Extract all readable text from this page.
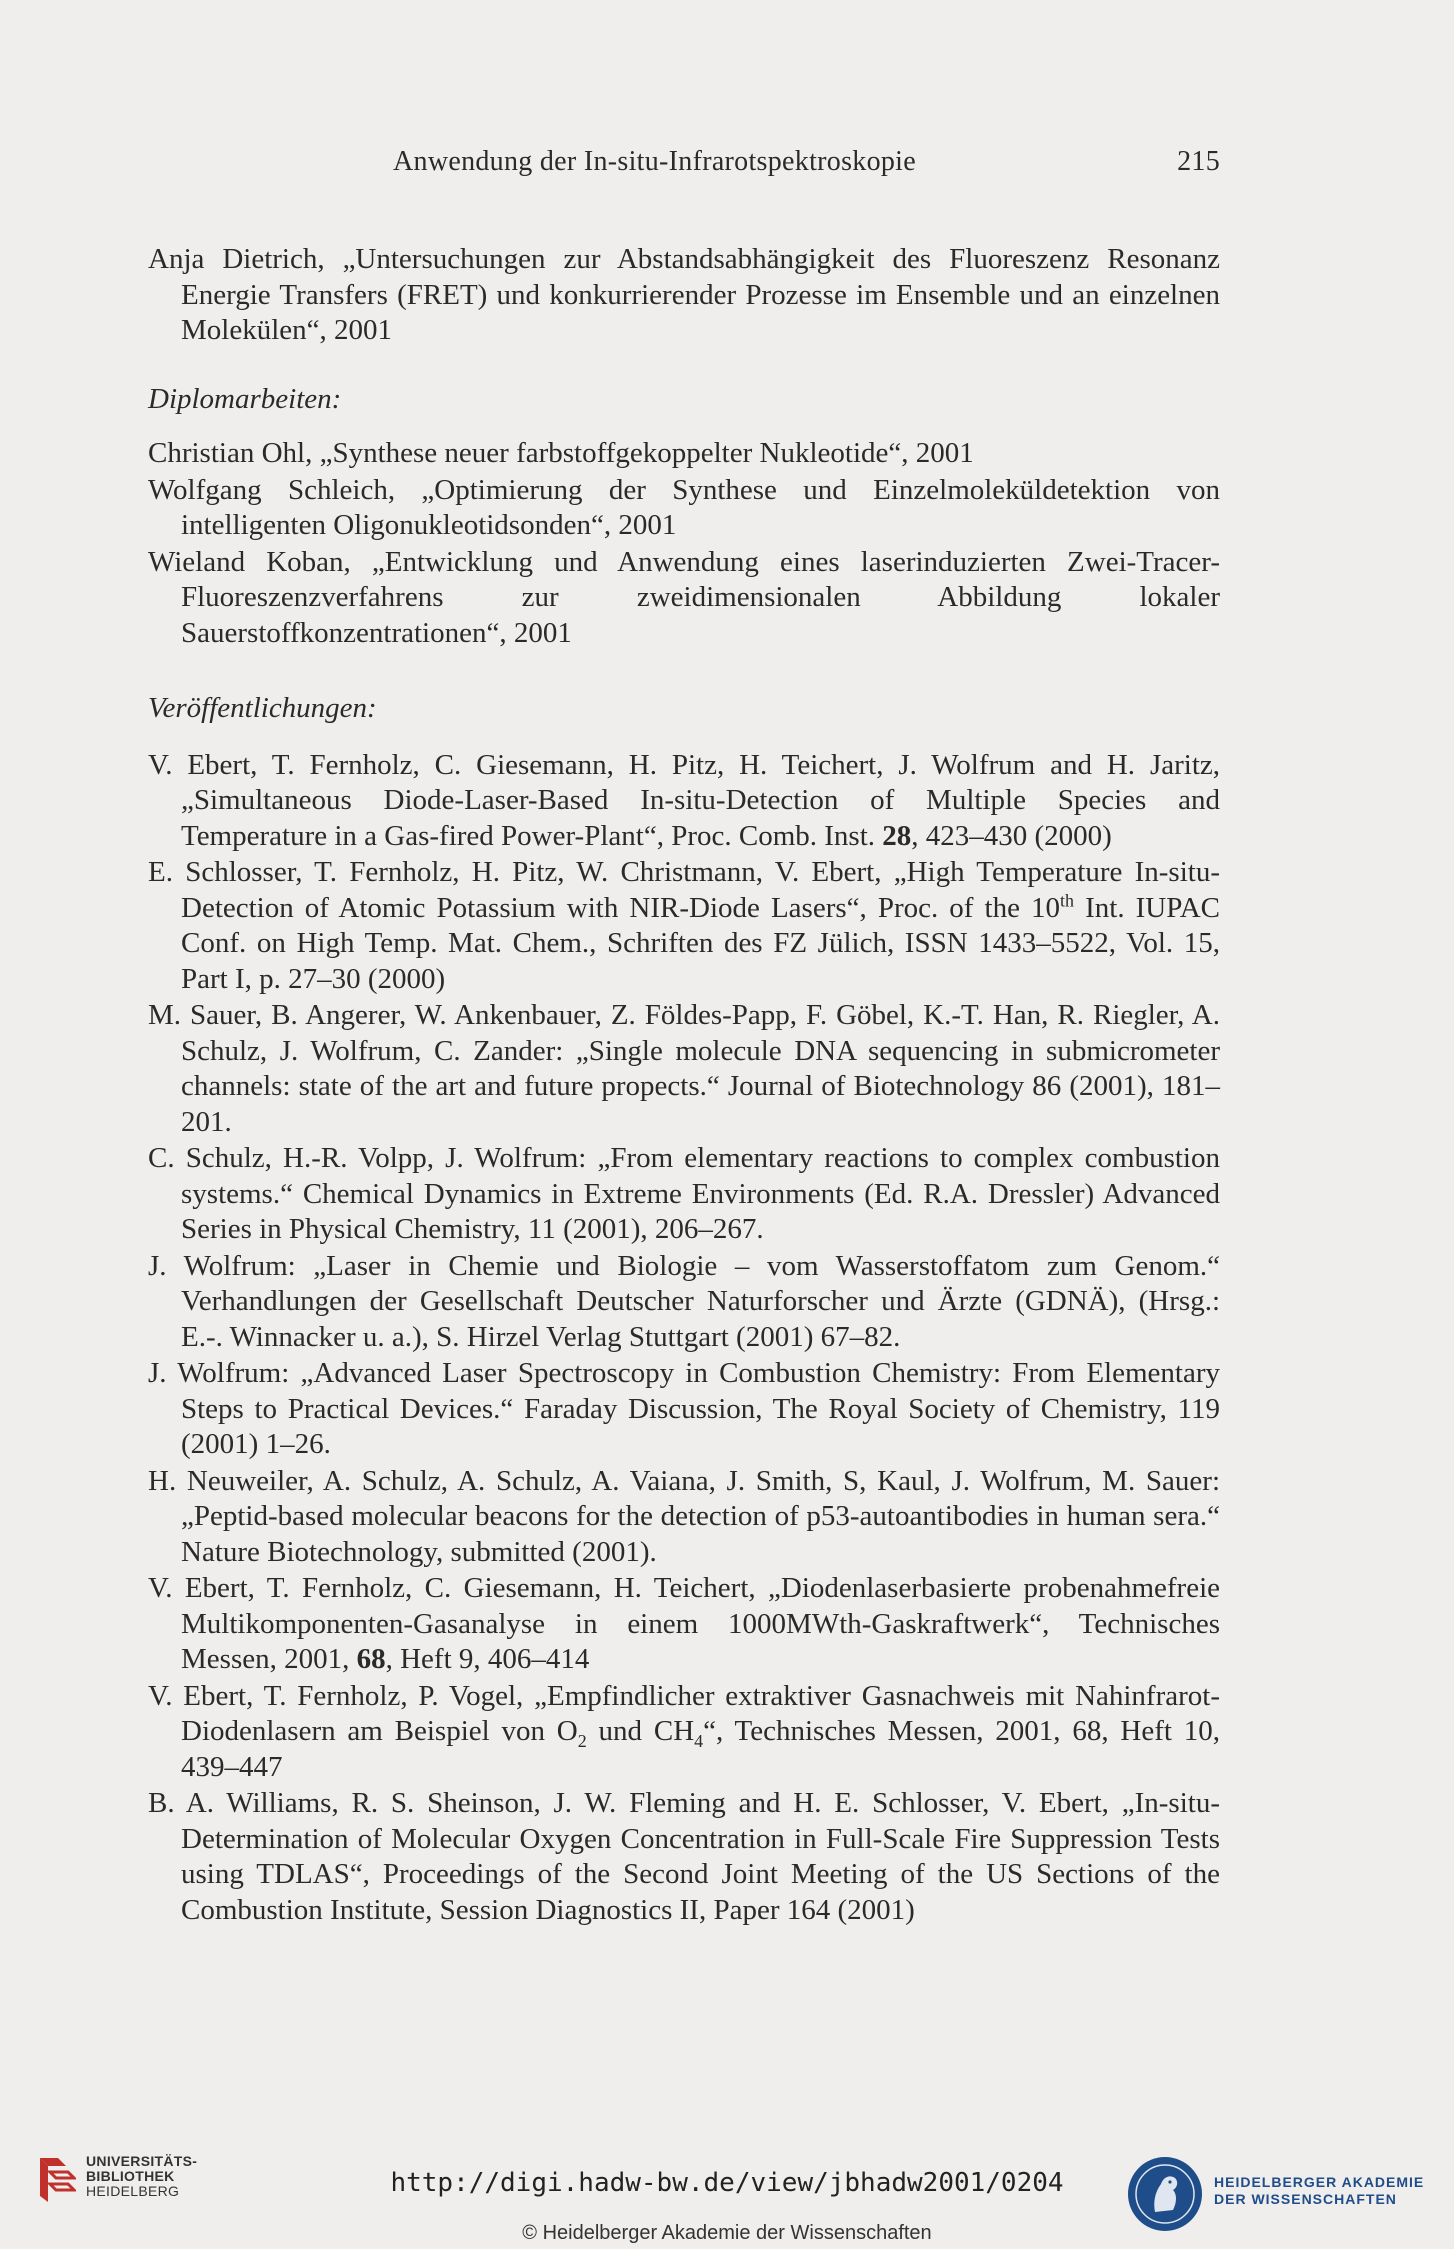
Anwendung der In-situ-Infrarotspektroskopie	215

Anja Dietrich, „Untersuchungen zur Abstandsabhängigkeit des Fluoreszenz Resonanz Energie Transfers (FRET) und konkurrierender Prozesse im Ensemble und an einzelnen Molekülen“, 2001

Diplomarbeiten:

Christian Ohl, „Synthese neuer farbstoffgekoppelter Nukleotide“, 2001

Wolfgang Schleich, „Optimierung der Synthese und Einzelmoleküldetektion von intelligenten Oligonukleotidsonden“, 2001

Wieland Koban, „Entwicklung und Anwendung eines laserinduzierten Zwei-Tracer-Fluoreszenzverfahrens zur zweidimensionalen Abbildung lokaler Sauerstoffkonzentrationen“, 2001

Veröffentlichungen:

V. Ebert, T. Fernholz, C. Giesemann, H. Pitz, H. Teichert, J. Wolfrum and H. Jaritz, „Simultaneous Diode-Laser-Based In-situ-Detection of Multiple Species and Temperature in a Gas-fired Power-Plant“, Proc. Comb. Inst. 28, 423–430 (2000)

E. Schlosser, T. Fernholz, H. Pitz, W. Christmann, V. Ebert, „High Temperature In-situ-Detection of Atomic Potassium with NIR-Diode Lasers“, Proc. of the 10th Int. IUPAC Conf. on High Temp. Mat. Chem., Schriften des FZ Jülich, ISSN 1433–5522, Vol. 15, Part I, p. 27–30 (2000)

M. Sauer, B. Angerer, W. Ankenbauer, Z. Földes-Papp, F. Göbel, K.-T. Han, R. Riegler, A. Schulz, J. Wolfrum, C. Zander: „Single molecule DNA sequencing in submicrometer channels: state of the art and future propects.“ Journal of Biotechnology 86 (2001), 181–201.

C. Schulz, H.-R. Volpp, J. Wolfrum: „From elementary reactions to complex combustion systems.“ Chemical Dynamics in Extreme Environments (Ed. R.A. Dressler) Advanced Series in Physical Chemistry, 11 (2001), 206–267.

J. Wolfrum: „Laser in Chemie und Biologie – vom Wasserstoffatom zum Genom.“ Verhandlungen der Gesellschaft Deutscher Naturforscher und Ärzte (GDNÄ), (Hrsg.: E.-. Winnacker u. a.), S. Hirzel Verlag Stuttgart (2001) 67–82.

J. Wolfrum: „Advanced Laser Spectroscopy in Combustion Chemistry: From Elementary Steps to Practical Devices.“ Faraday Discussion, The Royal Society of Chemistry, 119 (2001) 1–26.

H. Neuweiler, A. Schulz, A. Schulz, A. Vaiana, J. Smith, S, Kaul, J. Wolfrum, M. Sauer: „Peptid-based molecular beacons for the detection of p53-autoantibodies in human sera.“ Nature Biotechnology, submitted (2001).

V. Ebert, T. Fernholz, C. Giesemann, H. Teichert, „Diodenlaserbasierte probenahmefreie Multikomponenten-Gasanalyse in einem 1000MWth-Gaskraftwerk“, Technisches Messen, 2001, 68, Heft 9, 406–414

V. Ebert, T. Fernholz, P. Vogel, „Empfindlicher extraktiver Gasnachweis mit Nahinfrarot-Diodenlasern am Beispiel von $O_2$ und $CH_4“$, Technisches Messen, 2001, 68, Heft 10, 439–447

B. A. Williams, R. S. Sheinson, J. W. Fleming and H. E. Schlosser, V. Ebert, „In-situ-Determination of Molecular Oxygen Concentration in Full-Scale Fire Suppression Tests using TDLAS“, Proceedings of the Second Joint Meeting of the US Sections of the Combustion Institute, Session Diagnostics II, Paper 164 (2001)

UNIVERSITÄTS-
BIBLIOTHEK
HEIDELBERG	http://digi.hadw-bw.de/view/jbhadw2001/0204
© Heidelberger Akademie der Wissenschaften
HEIDELBERGER AKADEMIE
DER WISSENSCHAFTEN
